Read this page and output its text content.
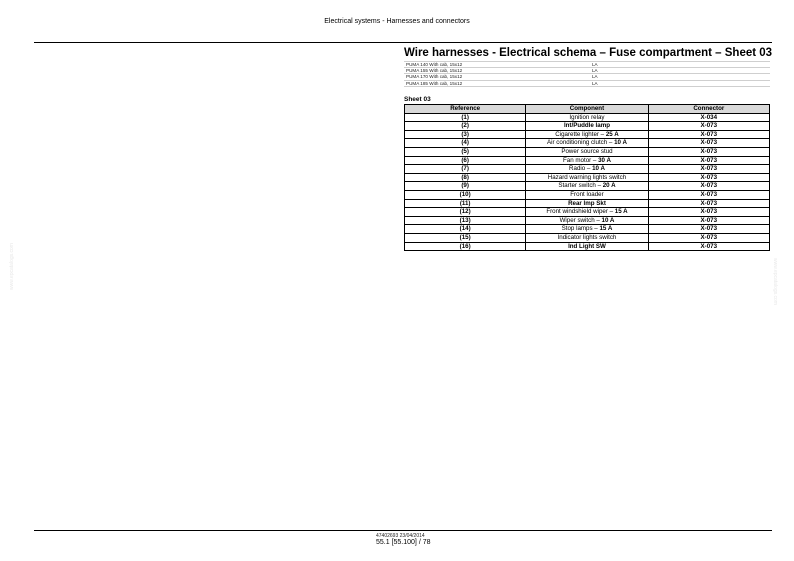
Electrical systems - Harnesses and connectors
Wire harnesses - Electrical schema – Fuse compartment – Sheet 03
PUMA 140 With cab, 15x12	LA
PUMA 155 With cab, 15x12	LA
PUMA 170 With cab, 15x12	LA
PUMA 185 With cab, 15x12	LA
Sheet 03
Reference	Component	Connector
(1)	Ignition relay	X-034
(2)	Int/Puddle lamp	X-073
(3)	Cigarette lighter – 25 A	X-073
(4)	Air conditioning clutch – 10 A	X-073
(5)	Power source stud	X-073
(6)	Fan motor – 30 A	X-073
(7)	Radio – 10 A	X-073
(8)	Hazard warning lights switch	X-073
(9)	Starter switch – 20 A	X-073
(10)	Front loader	X-073
(11)	Rear lmp Skt	X-073
(12)	Front windshield wiper – 15 A	X-073
(13)	Wiper switch – 10 A	X-073
(14)	Stop lamps – 15 A	X-073
(15)	Indicator lights switch	X-073
(16)	Ind Light SW	X-073
47402693 23/04/2014
55.1 [55.100] / 78
www.epcatalogs.com	www.epcatalogs.com
